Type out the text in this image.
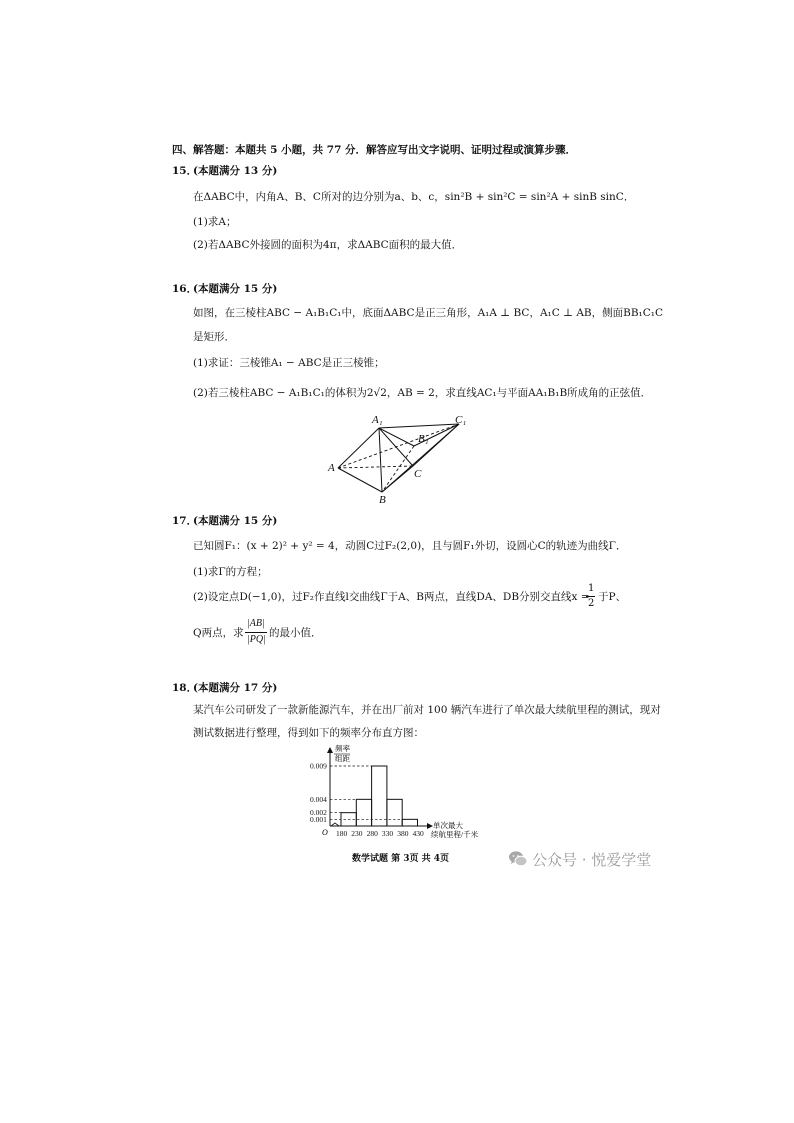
四、解答题：本题共 5 小题，共 77 分．解答应写出文字说明、证明过程或演算步骤．
15．
(本题满分 13 分)
在ΔABC中，内角A、B、C所对的边分别为a、b、c，sin²B + sin²C = sin²A + sinB sinC．
(1)求A；
(2)若ΔABC外接圆的面积为4π，求ΔABC面积的最大值．
16．
(本题满分 15 分)
如图，在三棱柱ABC − A₁B₁C₁中，底面ΔABC是正三角形，A₁A ⊥ BC，A₁C ⊥ AB，侧面BB₁C₁C
是矩形．
(1)求证：三棱锥A₁ − ABC是正三棱锥；
(2)若三棱柱ABC − A₁B₁C₁的体积为2√2，AB = 2，求直线AC₁与平面AA₁B₁B所成角的正弦值．
A₁	C₁
B₁
A	C
B
17．
(本题满分 15 分)
已知圆F₁：(x + 2)² + y² = 4，动圆C过F₂(2,0)，且与圆F₁外切，设圆心C的轨迹为曲线Γ．
(1)求Γ的方程；
(2)设定点D(−1,0)，过F₂作直线l交曲线Γ于A、B两点，直线DA、DB分别交直线x =
1
2
于P、
Q两点，求
|AB|
|PQ|
的最小值．
18．
(本题满分 17 分)
某汽车公司研发了一款新能源汽车，并在出厂前对 100 辆汽车进行了单次最大续航里程的测试，现对
测试数据进行整理，得到如下的频率分布直方图：
0.009
0.004
0.002
0.001
180 230 280 330 380 430
频率
组距
单次最大
续航里程/千米
O
数学试题 第 3页 共 4页	公众号 · 悦爱学堂
